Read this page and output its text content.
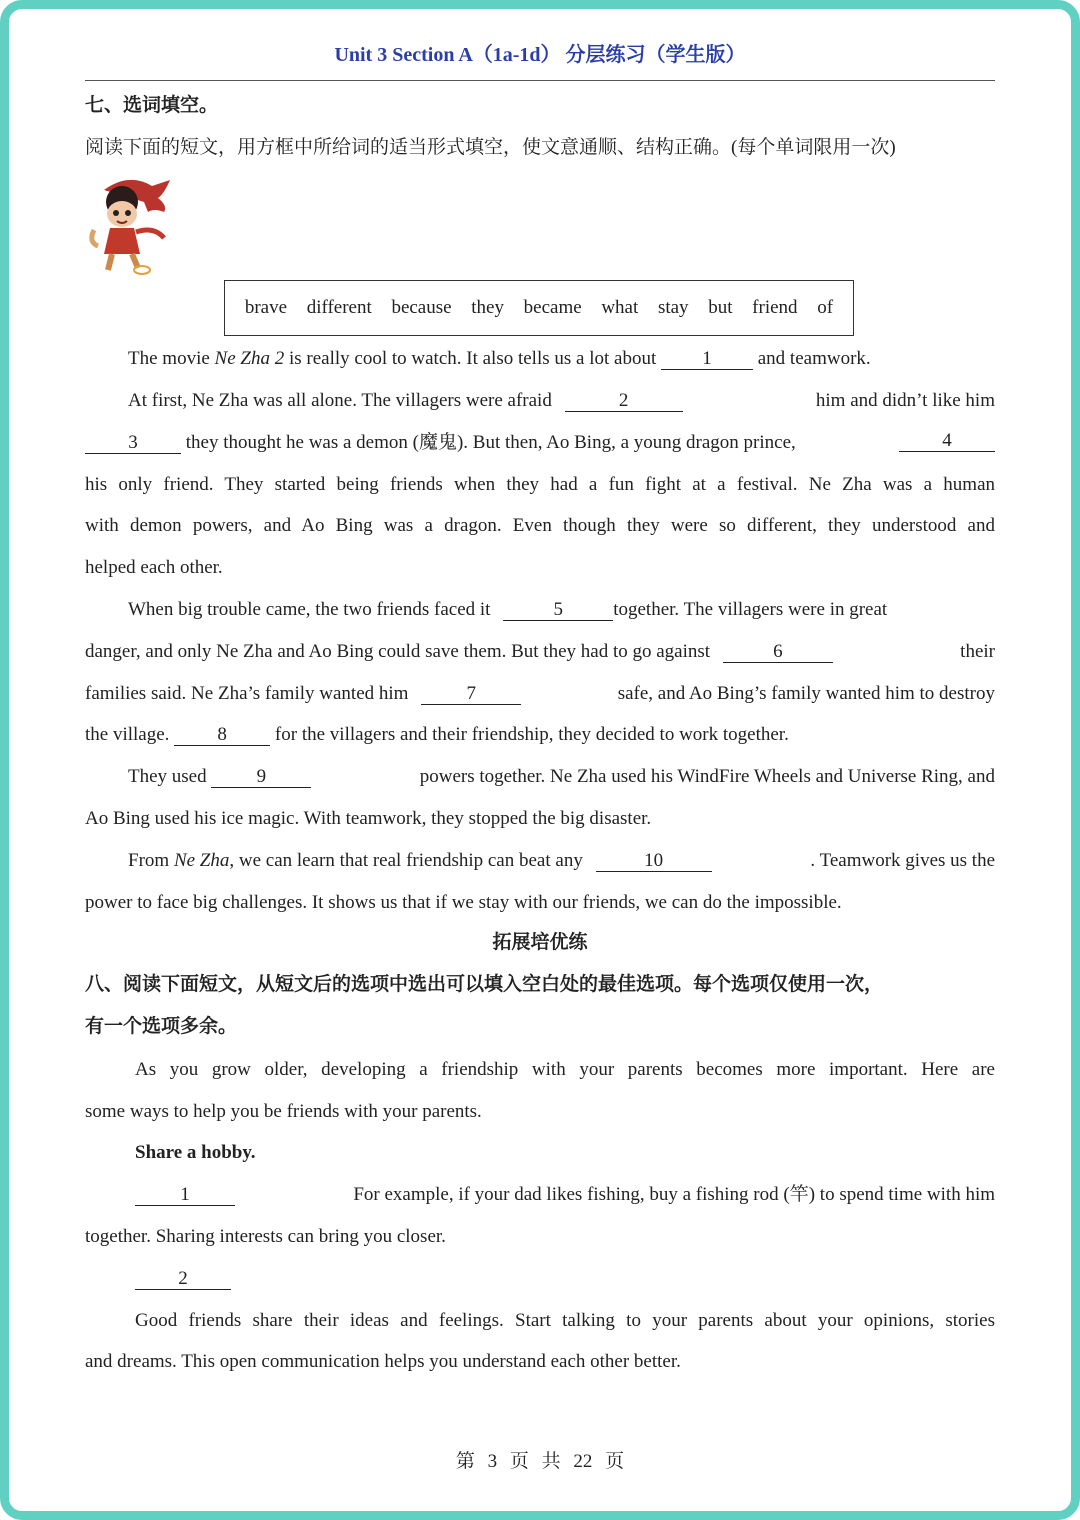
Unit 3 Section A（1a-1d） 分层练习（学生版）
七、选词填空。
阅读下面的短文，用方框中所给词的适当形式填空，使文意通顺、结构正确。(每个单词限用一次)
brave different because they became what stay but friend of
The movie Ne Zha 2 is really cool to watch. It also tells us a lot about 1 and teamwork.
At first, Ne Zha was all alone. The villagers were afraid	2	him and didn’t like him
3 they thought he was a demon (魔鬼). But then, Ao Bing, a young dragon prince,	4
his only friend. They started being friends when they had a fun fight at a festival. Ne Zha was a human
with demon powers, and Ao Bing was a dragon. Even though they were so different, they understood and
helped each other.
When big trouble came, the two friends faced it	5	together. The villagers were in great
danger, and only Ne Zha and Ao Bing could save them. But they had to go against	6	their
families said. Ne Zha’s family wanted him	7	safe, and Ao Bing’s family wanted him to destroy
the village. 8 for the villagers and their friendship, they decided to work together.
They used 9	powers together. Ne Zha used his WindFire Wheels and Universe Ring, and
Ao Bing used his ice magic. With teamwork, they stopped the big disaster.
From Ne Zha, we can learn that real friendship can beat any	10	. Teamwork gives us the
power to face big challenges. It shows us that if we stay with our friends, we can do the impossible.
拓展培优练
八、阅读下面短文，从短文后的选项中选出可以填入空白处的最佳选项。每个选项仅使用一次，
有一个选项多余。
As you grow older, developing a friendship with your parents becomes more important. Here are
some ways to help you be friends with your parents.
Share a hobby.
1	For example, if your dad likes fishing, buy a fishing rod (竿) to spend time with him
together. Sharing interests can bring you closer.
2
Good friends share their ideas and feelings. Start talking to your parents about your opinions, stories
and dreams. This open communication helps you understand each other better.
第 3 页 共 22 页
